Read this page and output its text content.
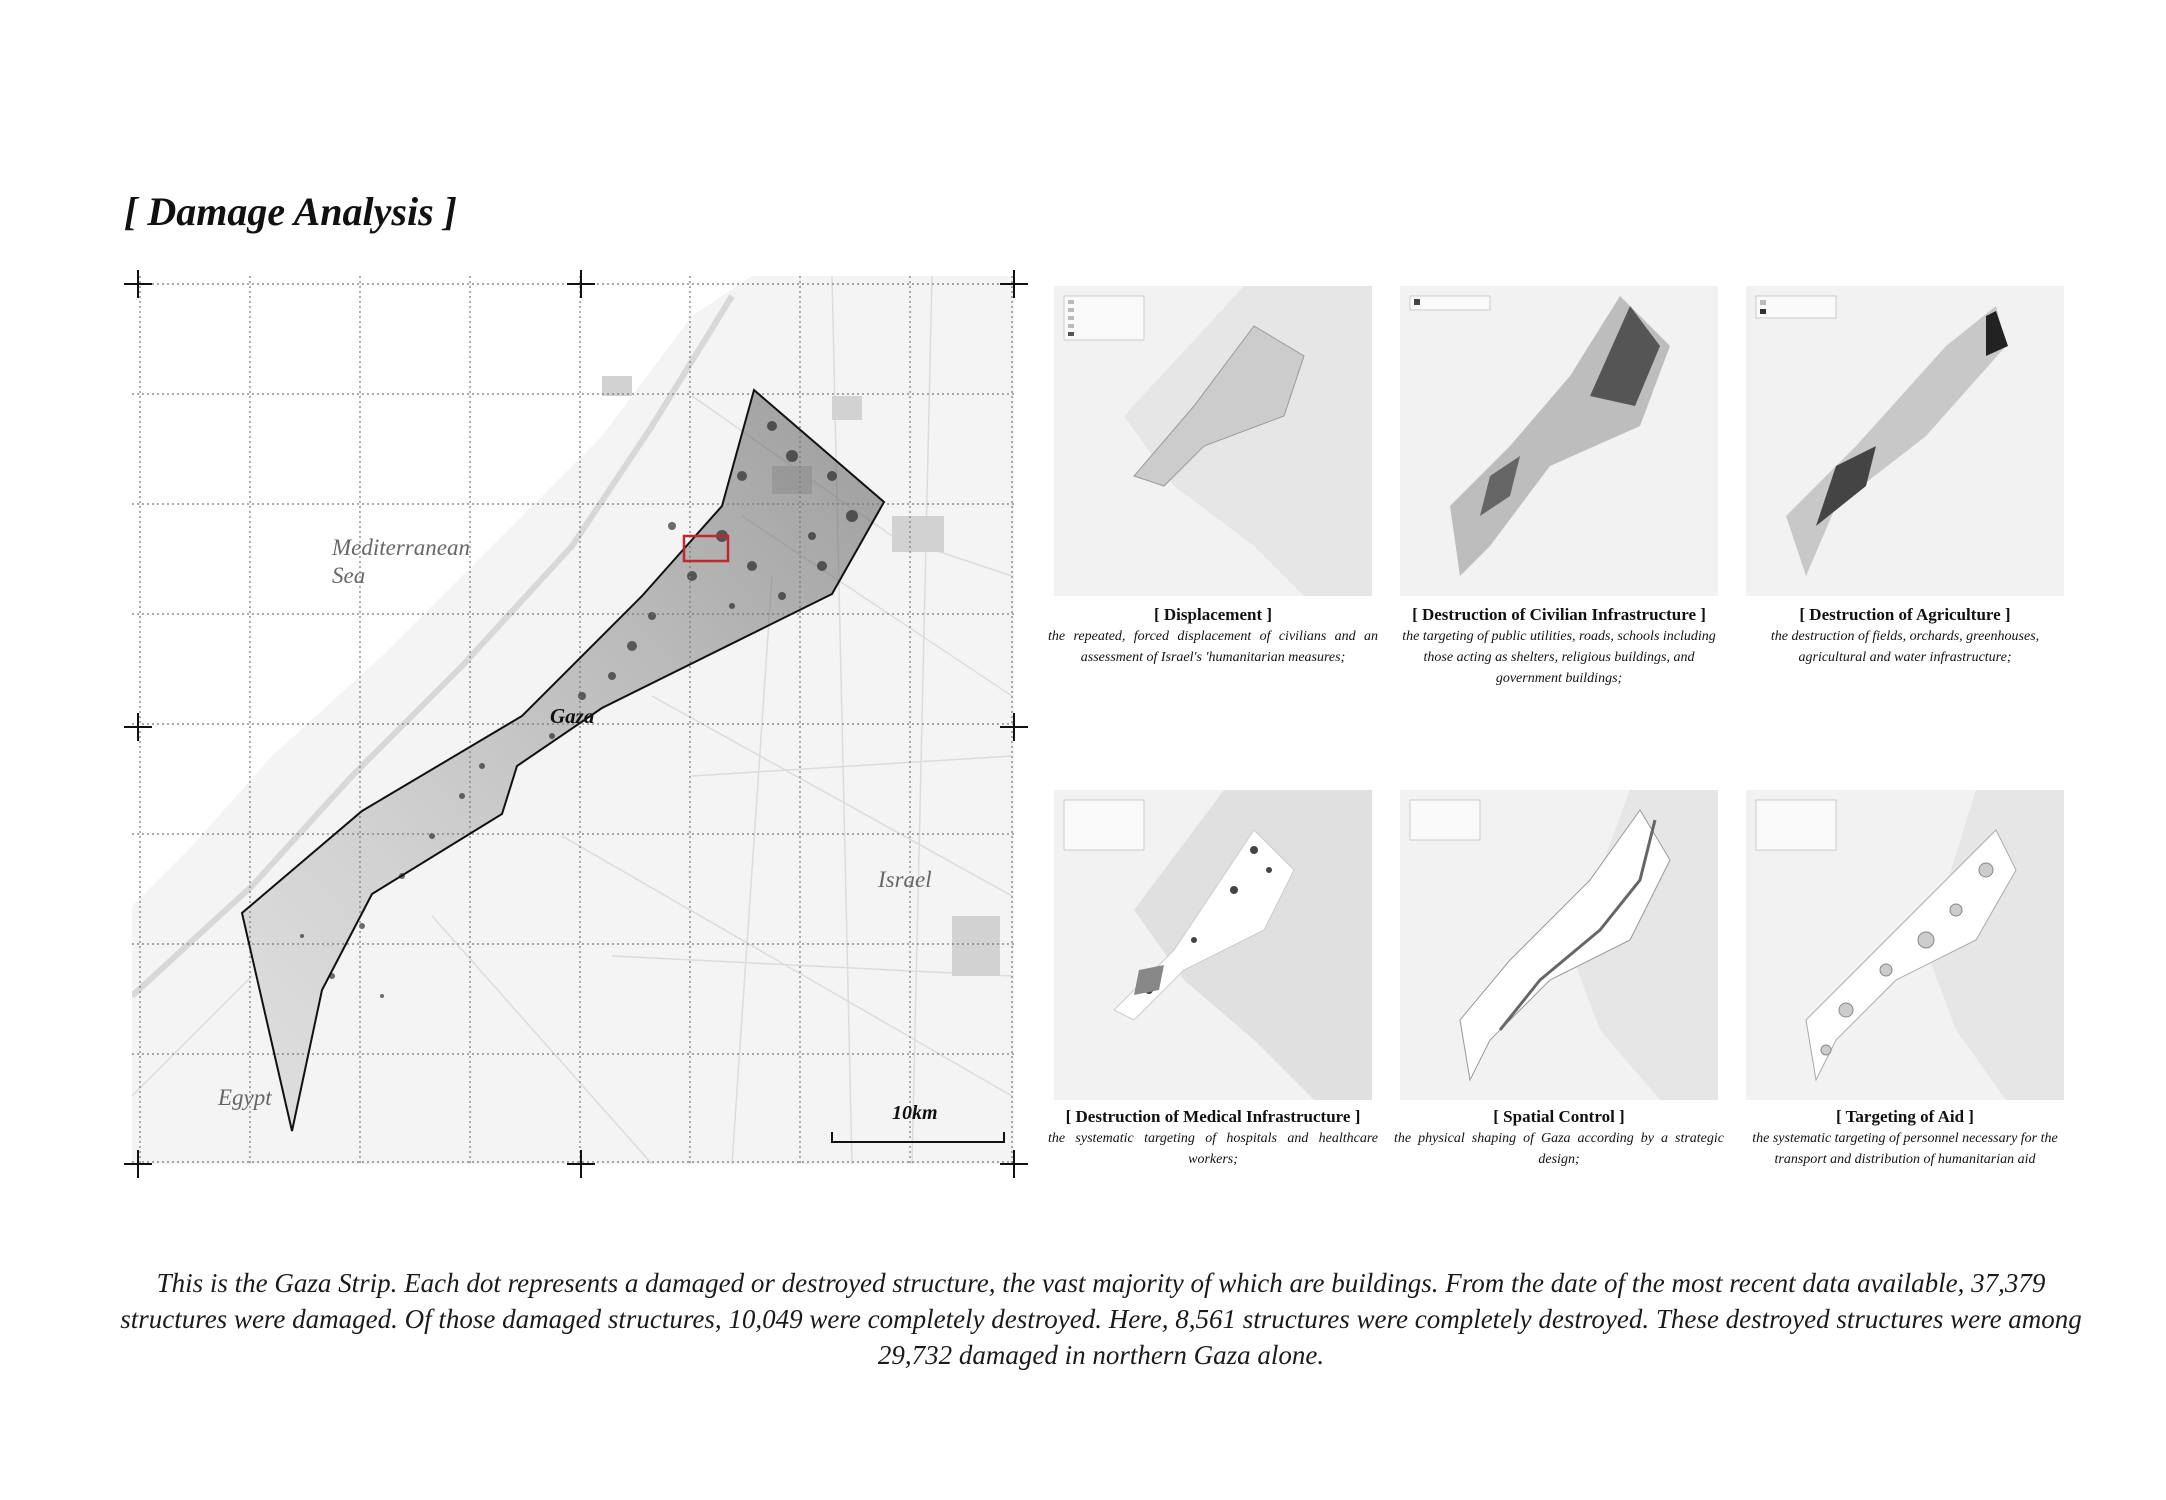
[ Damage Analysis ]
Mediterranean
Sea
Gaza
Israel
Egypt
10km
[ Displacement ]
the repeated, forced displacement of civilians and an assessment of Israel's 'humanitarian measures;
[ Destruction of Civilian Infrastructure ]
the targeting of public utilities, roads, schools including
those acting as shelters, religious buildings, and government buildings;
[ Destruction of Agriculture ]
the destruction of fields, orchards, greenhouses, agricultural and water infrastructure;
[ Destruction of Medical Infrastructure ]
the systematic targeting of hospitals and healthcare workers;
[ Spatial Control ]
the physical shaping of Gaza according by a strategic design;
[ Targeting of Aid ]
the systematic targeting of personnel necessary for the transport and distribution of humanitarian aid

This is the Gaza Strip. Each dot represents a damaged or destroyed structure, the vast majority of which are buildings. From the date of the most recent data available, 37,379 structures were damaged. Of those damaged structures, 10,049 were completely destroyed. Here, 8,561 structures were completely destroyed. These destroyed structures were among 29,732 damaged in northern Gaza alone.
